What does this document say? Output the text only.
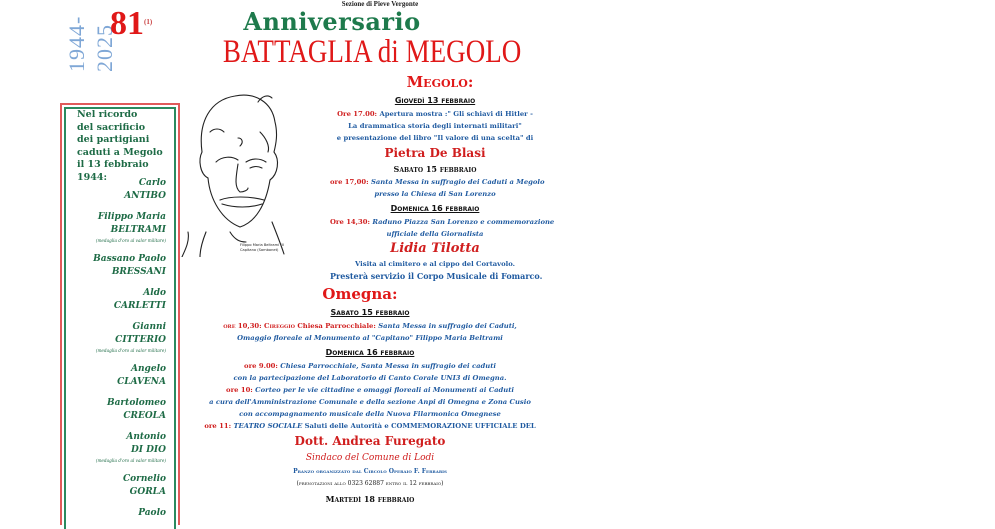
1944-2025
81$^{(1)}$
Sezione di Pieve Vergonte
Anniversario
BATTAGLIA di MEGOLO
Nel ricordo
del sacrificio
dei partigiani
caduti a Megolo
il 13 febbraio 1944:
Carlo
ANTIBO
Filippo Maria
BELTRAMI
(medaglia d'oro al valor militare)
Bassano Paolo
BRESSANI
Aldo
CARLETTI
Gianni
CITTERIO
(medaglia d'oro al valor militare)
Angelo
CLAVENA
Bartolomeo
CREOLA
Antonio
DI DIO
(medaglia d'oro al valor militare)
Cornelio
GORLA
Paolo
Filippo Maria Beltrami "Il
Capitano (Sambonet)
Megolo:
Giovedì 13 febbraio
Ore 17.00: Apertura mostra :" Gli schiavi di Hitler -
La drammatica storia degli internati militari"
e presentazione del libro "Il valore di una scelta" di
Pietra De Blasi
Sabato 15 febbraio
ore 17,00: Santa Messa in suffragio dei Caduti a Megolo
presso la Chiesa di San Lorenzo
Domenica 16 febbraio
Ore 14,30: Raduno Piazza San Lorenzo e commemorazione
ufficiale della Giornalista
Lidia Tilotta
Visita al cimitero e al cippo del Cortavolo.
Presterà servizio il Corpo Musicale di Fomarco.
Omegna:
Sabato 15 febbraio
ore 10,30: Cireggio Chiesa Parrocchiale: Santa Messa in suffragio dei Caduti,
Omaggio floreale al Monumento al "Capitano" Filippo Maria Beltrami
Domenica 16 febbraio
ore 9.00: Chiesa Parrocchiale, Santa Messa in suffragio dei caduti
con la partecipazione del Laboratorio di Canto Corale UNI3 di Omegna.
ore 10: Corteo per le vie cittadine e omaggi floreali ai Monumenti ai Caduti
a cura dell'Amministrazione Comunale e della sezione Anpi di Omegna e Zona Cusio
con accompagnamento musicale della Nuova Filarmonica Omegnese
ore 11: TEATRO SOCIALE Saluti delle Autorità e COMMEMORAZIONE UFFICIALE DEL
Dott. Andrea Furegato
Sindaco del Comune di Lodi
Pranzo organizzato dal Circolo Operaio F. Ferraris
(prenotazioni allo 0323 62887 entro il 12 febbraio)
Martedì 18 febbraio
